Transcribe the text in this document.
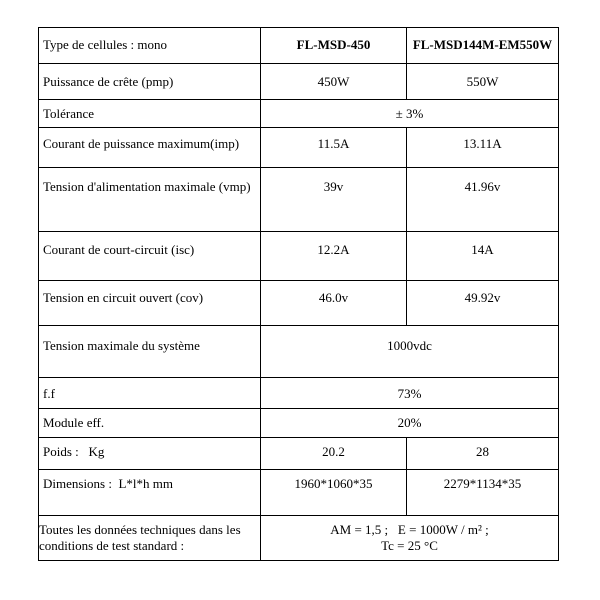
Type de cellules : mono	FL-MSD-450	FL-MSD144M-EM550W
Puissance de crête (pmp)	450W	550W
Tolérance	± 3%	
Courant de puissance maximum(imp)	11.5A	13.11A
Tension d'alimentation maximale (vmp)	39v	41.96v
Courant de court-circuit (isc)	12.2A	14A
Tension en circuit ouvert (cov)	46.0v	49.92v
Tension maximale du système	1000vdc	
f.f	73%	
Module eff.	20%	
Poids :   Kg	20.2	28
Dimensions :  L*l*h mm	1960*1060*35	2279*1134*35

Toutes les données techniques dans les
conditions de test standard :	AM = 1,5 ;   E = 1000W / m² ;
Tc = 25 °C	
